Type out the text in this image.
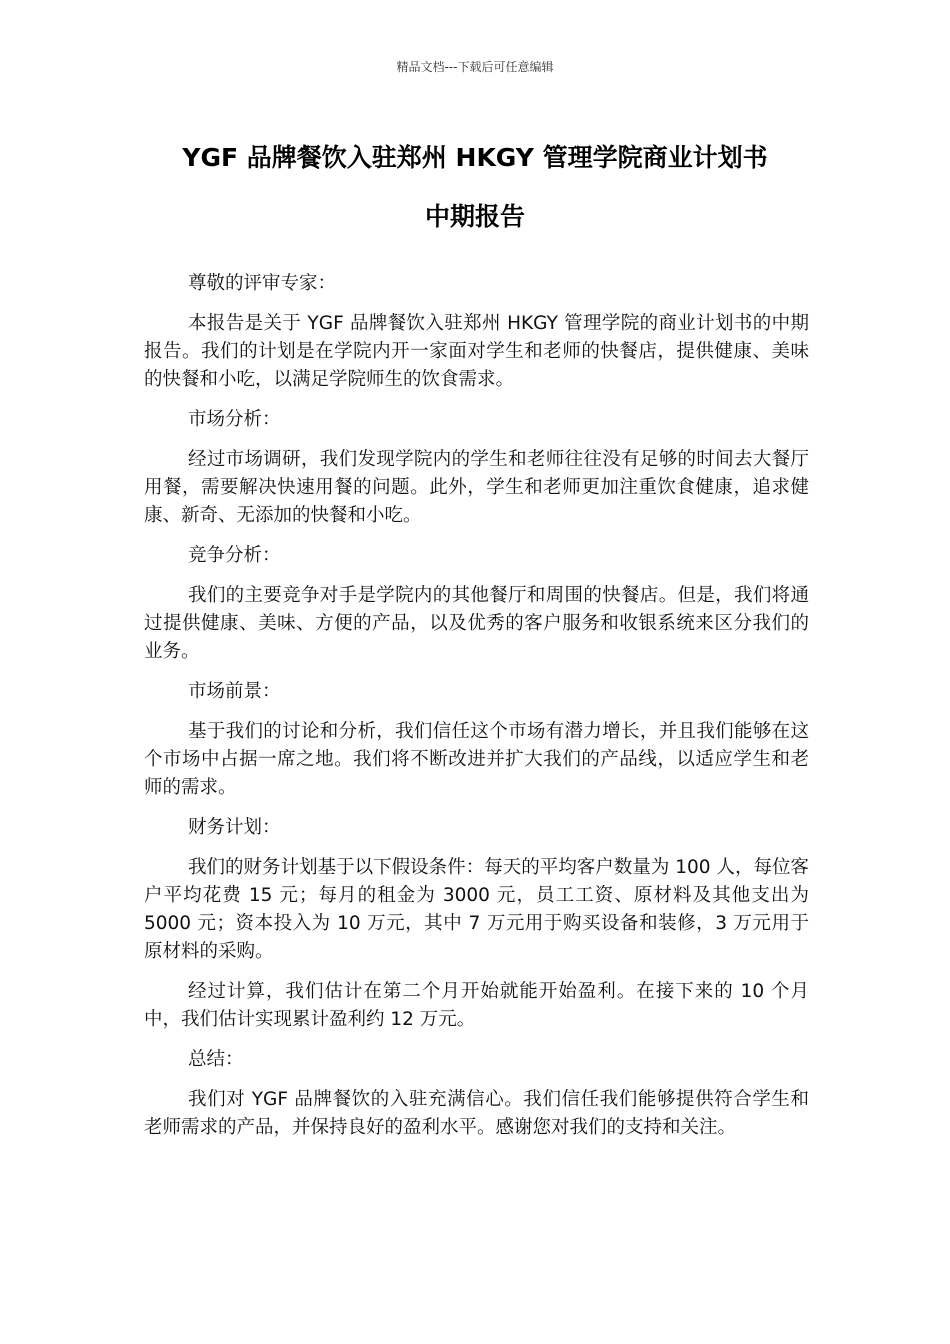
精品文档---下载后可任意编辑
YGF 品牌餐饮入驻郑州 HKGY 管理学院商业计划书
中期报告

尊敬的评审专家：

本报告是关于 YGF 品牌餐饮入驻郑州 HKGY 管理学院的商业计划书的中期报告。我们的计划是在学院内开一家面对学生和老师的快餐店，提供健康、美味的快餐和小吃，以满足学院师生的饮食需求。

市场分析：

经过市场调研，我们发现学院内的学生和老师往往没有足够的时间去大餐厅用餐，需要解决快速用餐的问题。此外，学生和老师更加注重饮食健康，追求健康、新奇、无添加的快餐和小吃。

竞争分析：

我们的主要竞争对手是学院内的其他餐厅和周围的快餐店。但是，我们将通过提供健康、美味、方便的产品，以及优秀的客户服务和收银系统来区分我们的业务。

市场前景：

基于我们的讨论和分析，我们信任这个市场有潜力增长，并且我们能够在这个市场中占据一席之地。我们将不断改进并扩大我们的产品线，以适应学生和老师的需求。

财务计划：

我们的财务计划基于以下假设条件：每天的平均客户数量为 100 人，每位客户平均花费 15 元；每月的租金为 3000 元，员工工资、原材料及其他支出为 5000 元；资本投入为 10 万元，其中 7 万元用于购买设备和装修，3 万元用于原材料的采购。

经过计算，我们估计在第二个月开始就能开始盈利。在接下来的 10 个月中，我们估计实现累计盈利约 12 万元。

总结：

我们对 YGF 品牌餐饮的入驻充满信心。我们信任我们能够提供符合学生和老师需求的产品，并保持良好的盈利水平。感谢您对我们的支持和关注。
